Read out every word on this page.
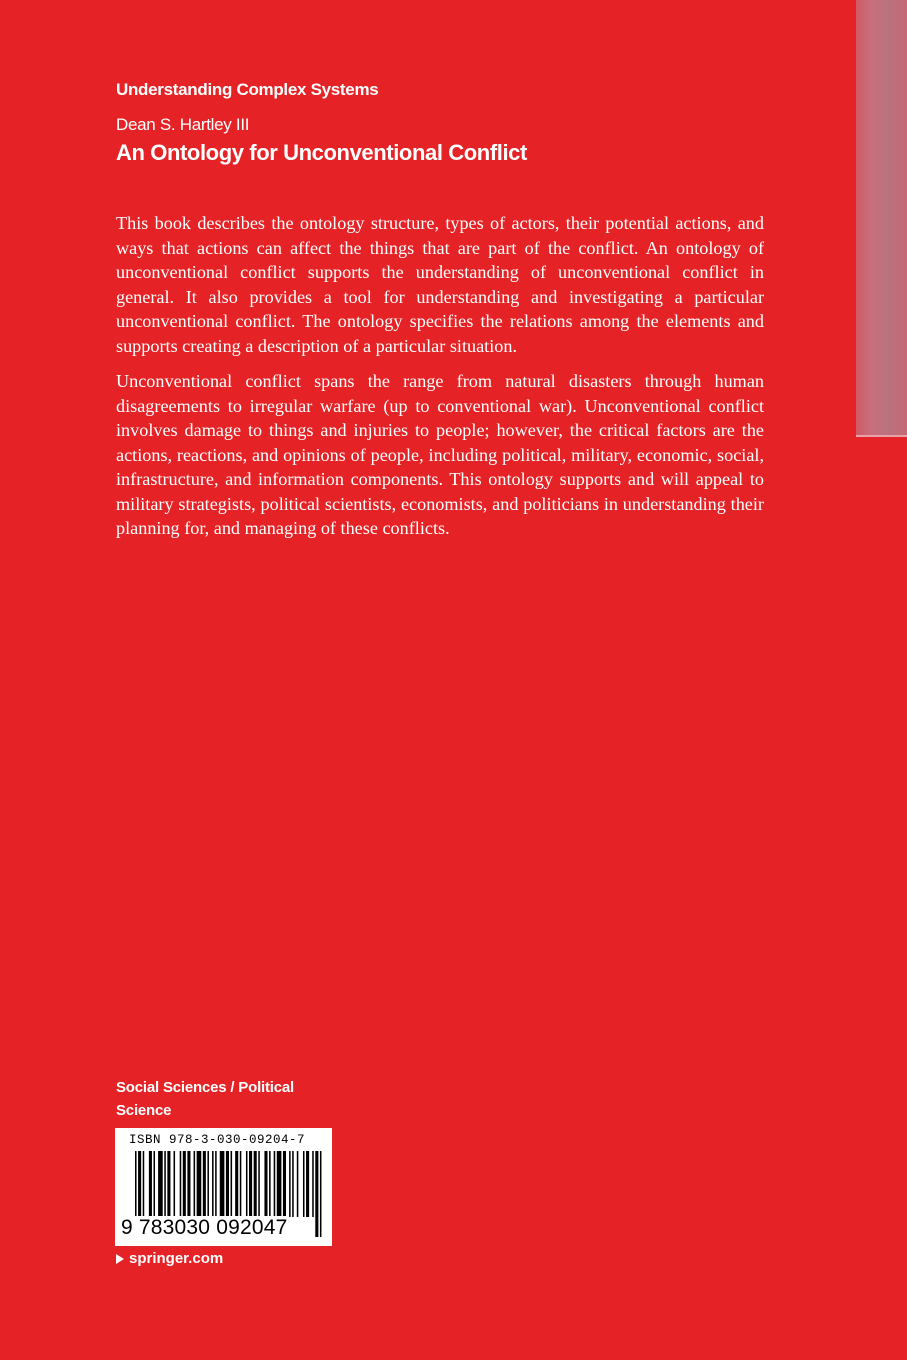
Understanding Complex Systems
Dean S. Hartley III
An Ontology for Unconventional Conflict

This book describes the ontology structure, types of actors, their potential actions, and ways that actions can affect the things that are part of the conflict. An ontology of unconventional conflict supports the understanding of unconventional conflict in general. It also provides a tool for understanding and investigating a particular unconventional conflict. The ontology specifies the relations among the elements and supports creating a description of a particular situation.

Unconventional conflict spans the range from natural disasters through human disagreements to irregular warfare (up to conventional war). Unconventional conflict involves damage to things and injuries to people; however, the critical factors are the actions, reactions, and opinions of people, including political, military, economic, social, infrastructure, and information components. This ontology supports and will appeal to military strategists, political scientists, economists, and politicians in understanding their planning for, and managing of these conflicts.

Social Sciences / Political Science
ISBN 978-3-030-09204-7
9 783030 092047
springer.com
